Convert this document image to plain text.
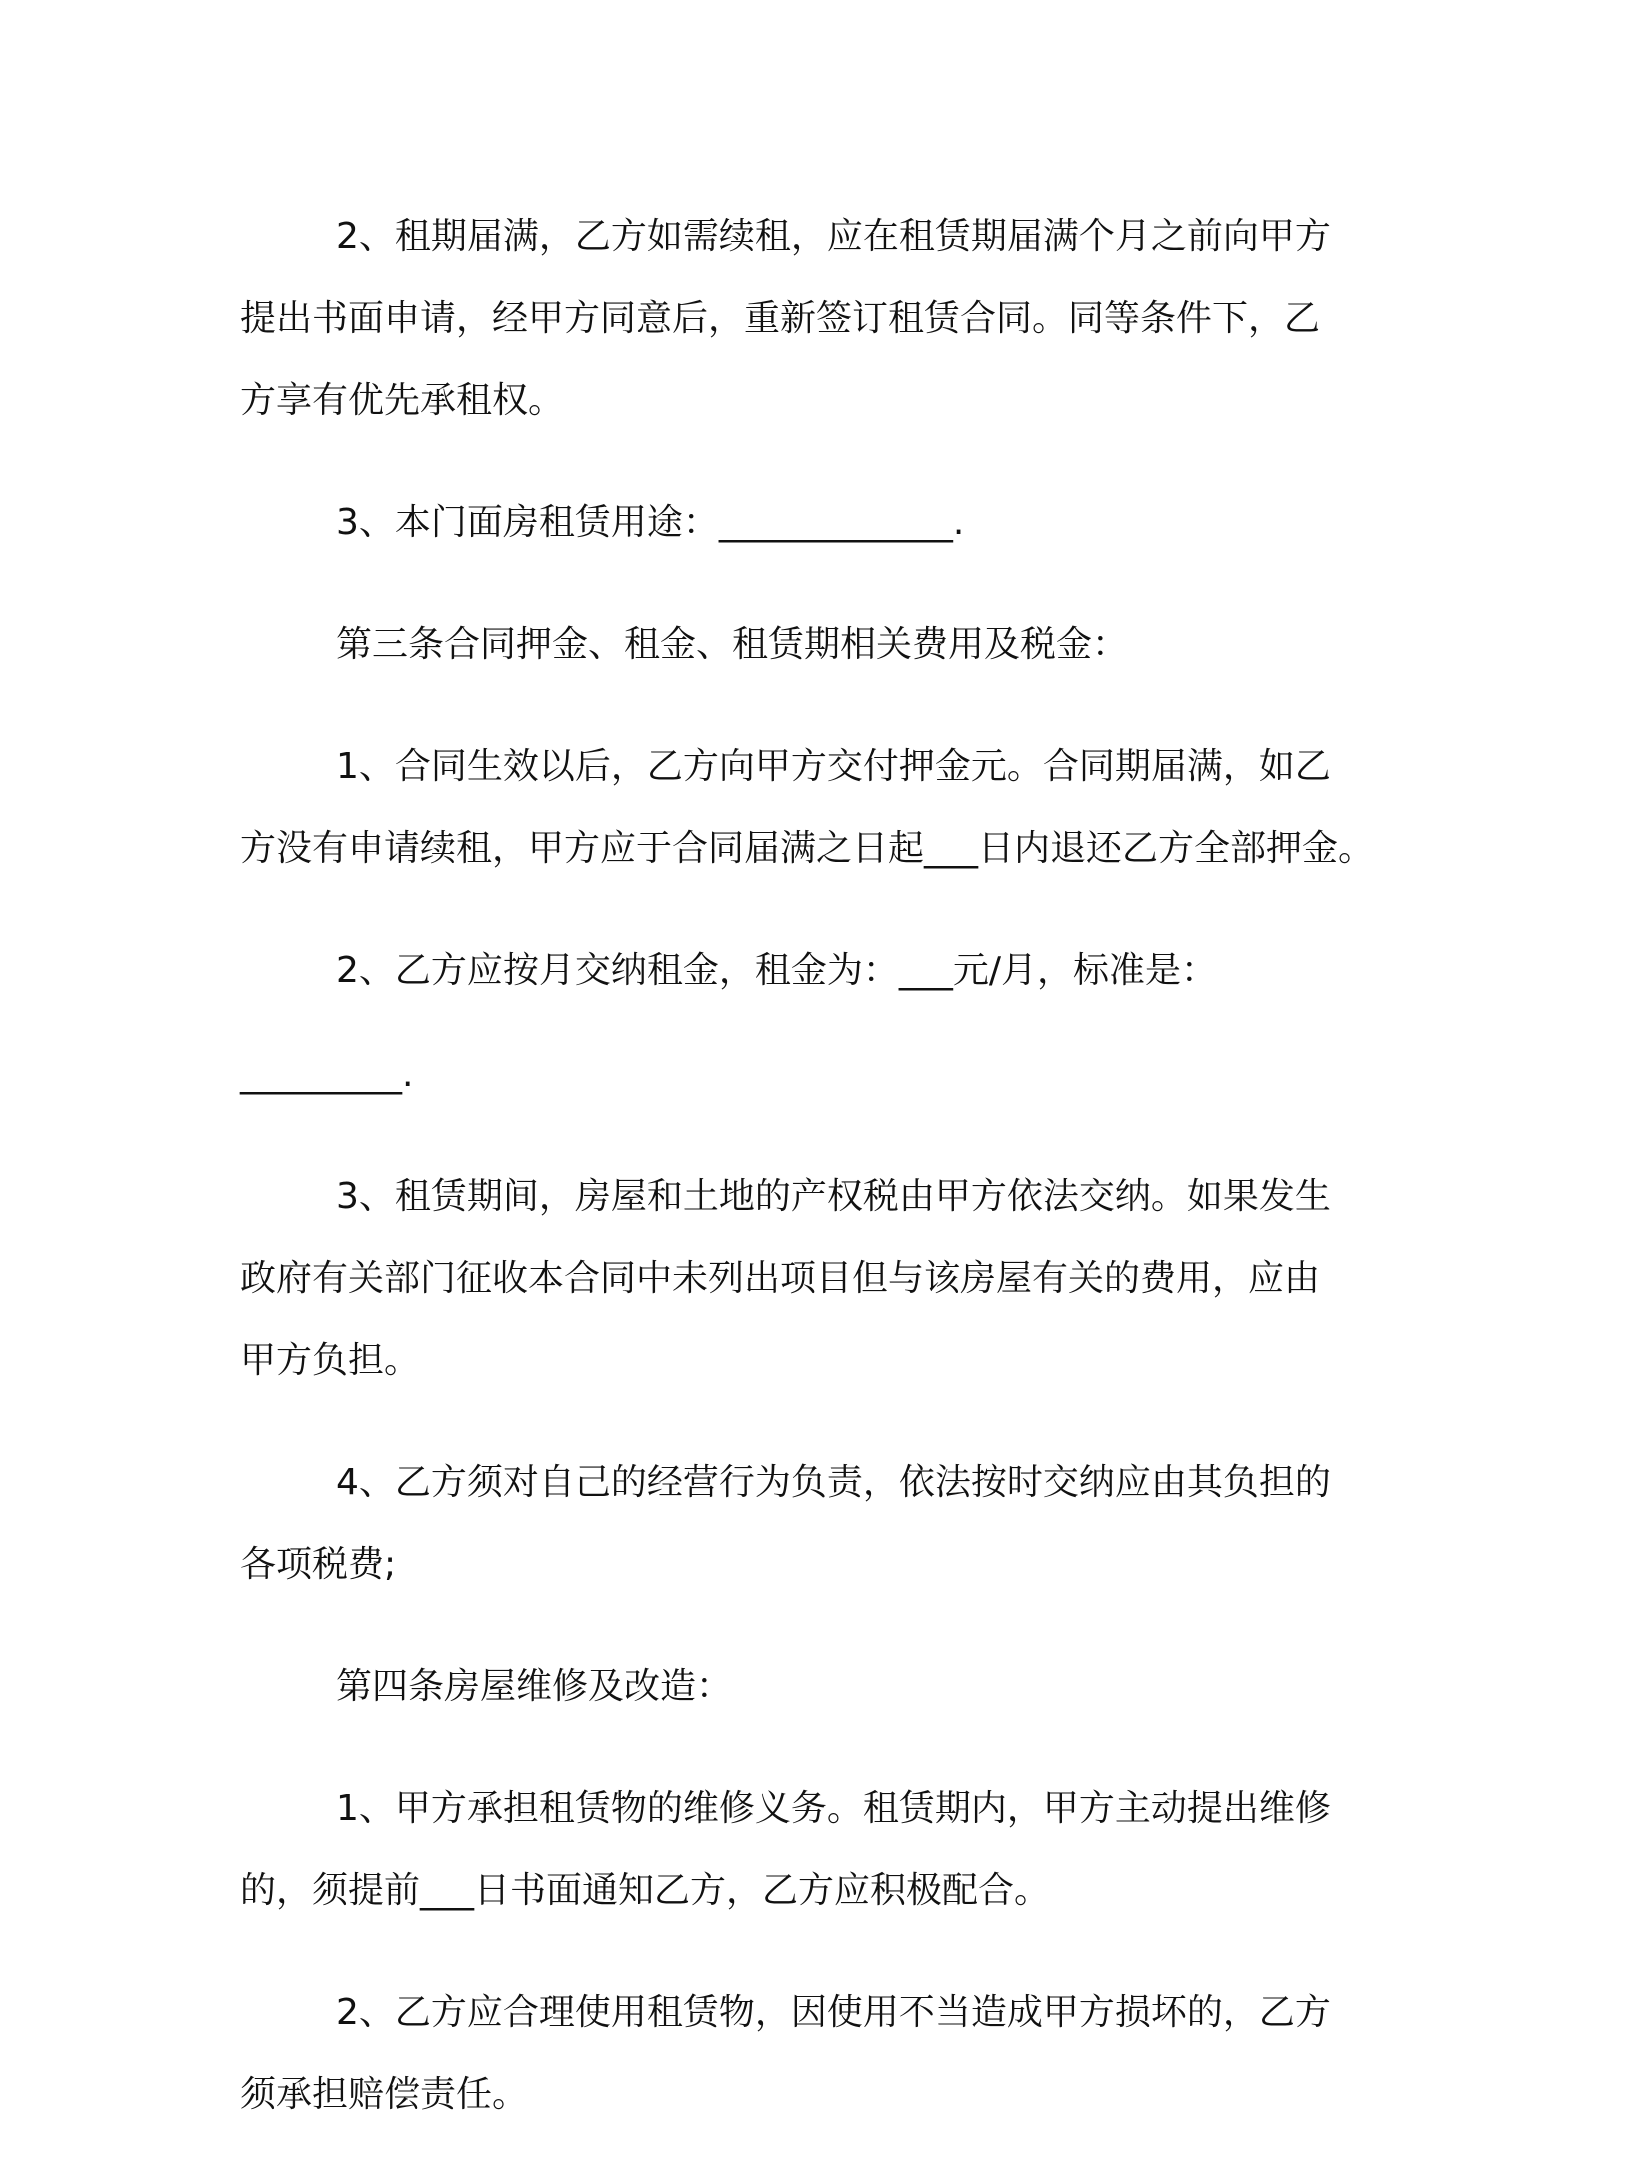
2、租期届满，乙方如需续租，应在租赁期届满个月之前向甲方
提出书面申请，经甲方同意后，重新签订租赁合同。同等条件下，乙
方享有优先承租权。

3、本门面房租赁用途：_____________.

第三条合同押金、租金、租赁期相关费用及税金：

1、合同生效以后，乙方向甲方交付押金元。合同期届满，如乙
方没有申请续租，甲方应于合同届满之日起___日内退还乙方全部押金。

2、乙方应按月交纳租金，租金为：___元/月，标准是：

_________.

3、租赁期间，房屋和土地的产权税由甲方依法交纳。如果发生
政府有关部门征收本合同中未列出项目但与该房屋有关的费用，应由
甲方负担。

4、乙方须对自己的经营行为负责，依法按时交纳应由其负担的
各项税费;

第四条房屋维修及改造：

1、甲方承担租赁物的维修义务。租赁期内，甲方主动提出维修
的，须提前___日书面通知乙方，乙方应积极配合。

2、乙方应合理使用租赁物，因使用不当造成甲方损坏的，乙方
须承担赔偿责任。
